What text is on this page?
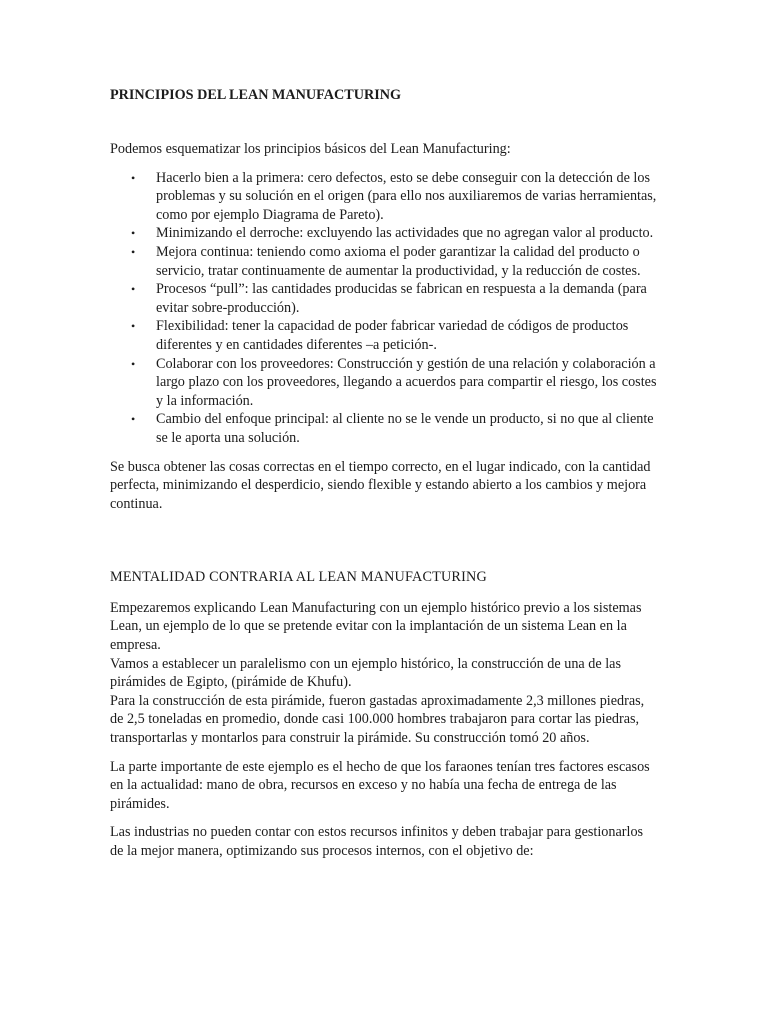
PRINCIPIOS DEL LEAN MANUFACTURING

Podemos esquematizar los principios básicos del Lean Manufacturing:

• Hacerlo bien a la primera: cero defectos, esto se debe conseguir con la detección de los problemas y su solución en el origen (para ello nos auxiliaremos de varias herramientas, como por ejemplo Diagrama de Pareto).
• Minimizando el derroche: excluyendo las actividades que no agregan valor al producto.
• Mejora continua: teniendo como axioma el poder garantizar la calidad del producto o servicio, tratar continuamente de aumentar la productividad, y la reducción de costes.
• Procesos “pull”: las cantidades producidas se fabrican en respuesta a la demanda (para evitar sobre-producción).
• Flexibilidad: tener la capacidad de poder fabricar variedad de códigos de productos diferentes y en cantidades diferentes –a petición-.
• Colaborar con los proveedores: Construcción y gestión de una relación y colaboración a largo plazo con los proveedores, llegando a acuerdos para compartir el riesgo, los costes y la información.
• Cambio del enfoque principal: al cliente no se le vende un producto, si no que al cliente se le aporta una solución.

Se busca obtener las cosas correctas en el tiempo correcto, en el lugar indicado, con la cantidad perfecta, minimizando el desperdicio, siendo flexible y estando abierto a los cambios y mejora continua.

MENTALIDAD CONTRARIA AL LEAN MANUFACTURING

Empezaremos explicando Lean Manufacturing con un ejemplo histórico previo a los sistemas Lean, un ejemplo de lo que se pretende evitar con la implantación de un sistema Lean en la empresa.

Vamos a establecer un paralelismo con un ejemplo histórico, la construcción de una de las pirámides de Egipto, (pirámide de Khufu).

Para la construcción de esta pirámide, fueron gastadas aproximadamente 2,3 millones piedras, de 2,5 toneladas en promedio, donde casi 100.000 hombres trabajaron para cortar las piedras, transportarlas y montarlos para construir la pirámide. Su construcción tomó 20 años.

La parte importante de este ejemplo es el hecho de que los faraones tenían tres factores escasos en la actualidad: mano de obra, recursos en exceso y no había una fecha de entrega de las pirámides.

Las industrias no pueden contar con estos recursos infinitos y deben trabajar para gestionarlos de la mejor manera, optimizando sus procesos internos, con el objetivo de:
